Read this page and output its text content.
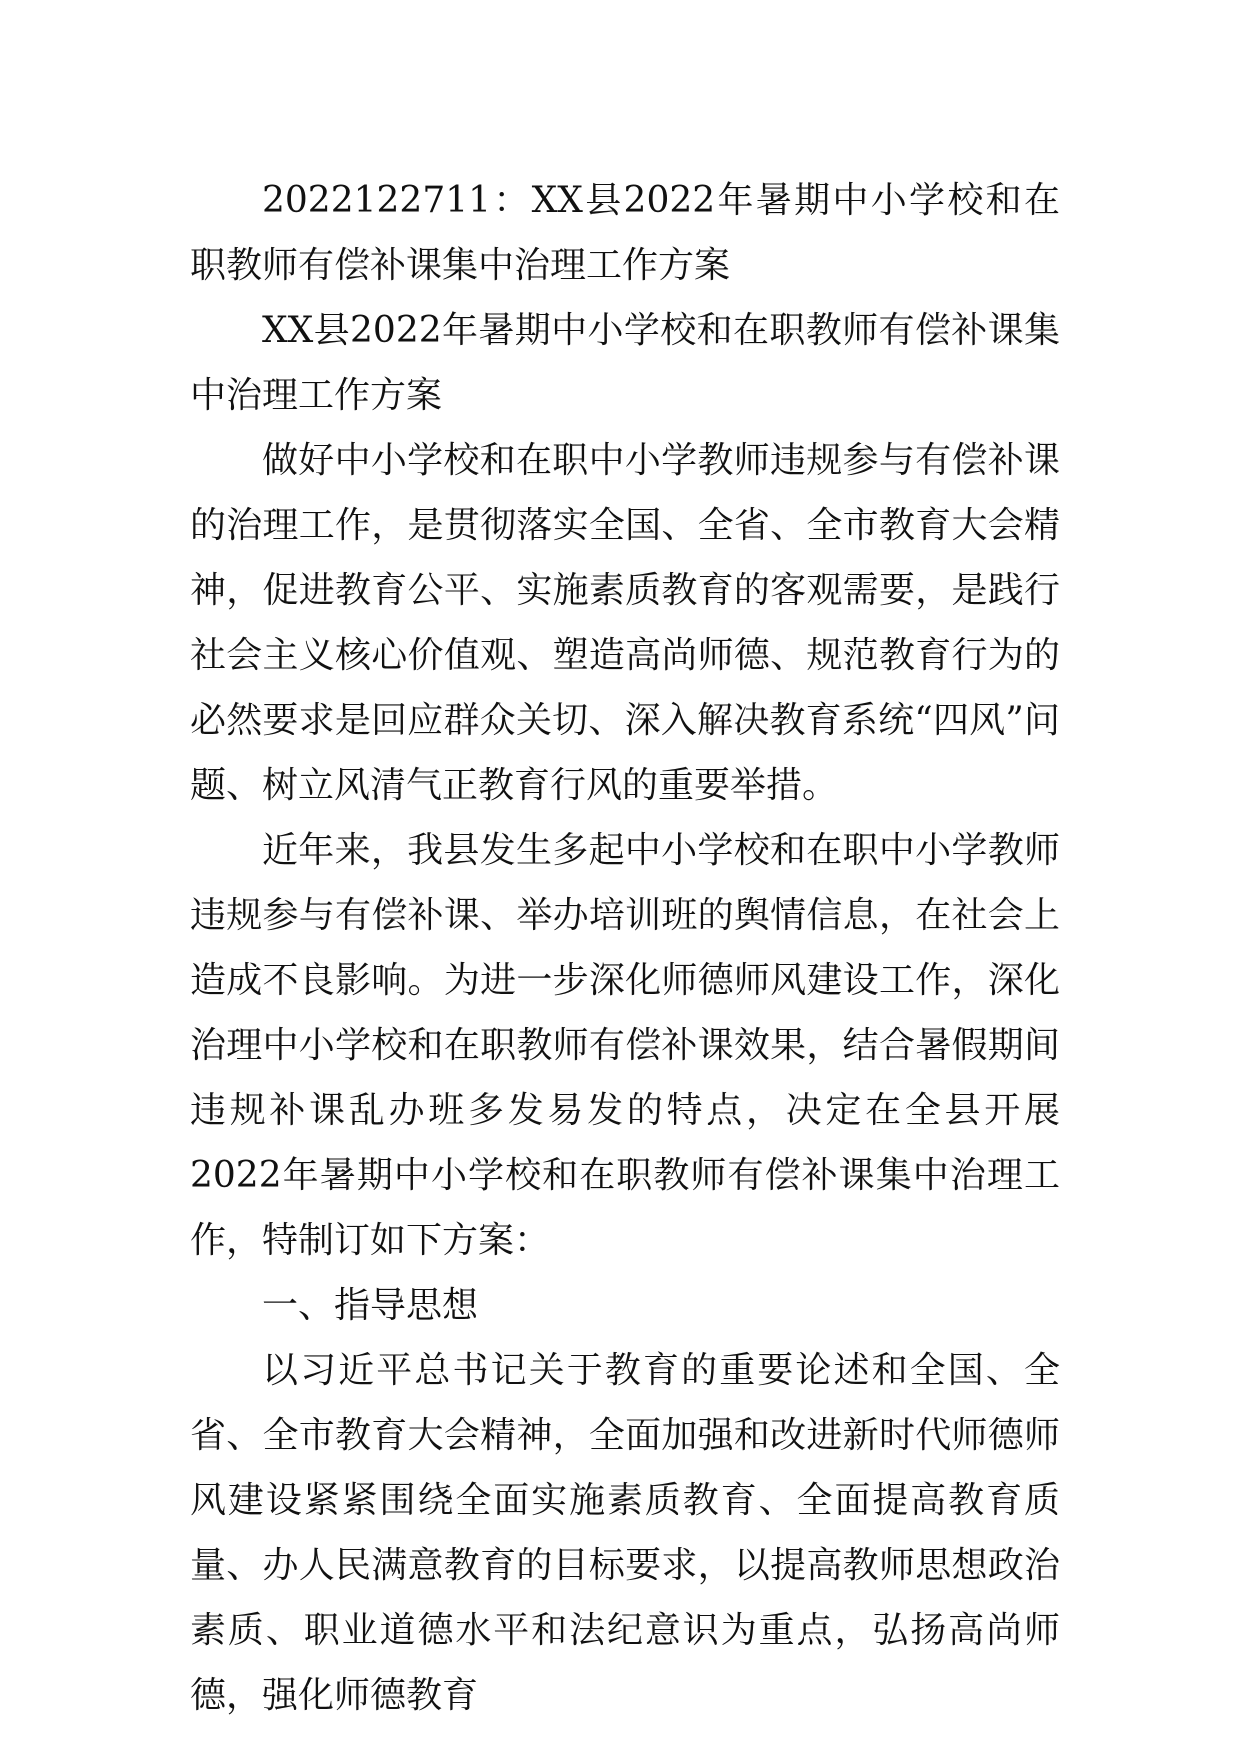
2022122711：XX县2022年暑期中小学校和在职教师有偿补课集中治理工作方案

XX县2022年暑期中小学校和在职教师有偿补课集中治理工作方案

做好中小学校和在职中小学教师违规参与有偿补课的治理工作，是贯彻落实全国、全省、全市教育大会精神，促进教育公平、实施素质教育的客观需要，是践行社会主义核心价值观、塑造高尚师德、规范教育行为的必然要求是回应群众关切、深入解决教育系统“四风”问题、树立风清气正教育行风的重要举措。

近年来，我县发生多起中小学校和在职中小学教师违规参与有偿补课、举办培训班的舆情信息，在社会上造成不良影响。为进一步深化师德师风建设工作，深化治理中小学校和在职教师有偿补课效果，结合暑假期间违规补课乱办班多发易发的特点，决定在全县开展2022年暑期中小学校和在职教师有偿补课集中治理工作，特制订如下方案：

一、指导思想

以习近平总书记关于教育的重要论述和全国、全省、全市教育大会精神，全面加强和改进新时代师德师风建设紧紧围绕全面实施素质教育、全面提高教育质量、办人民满意教育的目标要求，以提高教师思想政治素质、职业道德水平和法纪意识为重点，弘扬高尚师德，强化师德教育
